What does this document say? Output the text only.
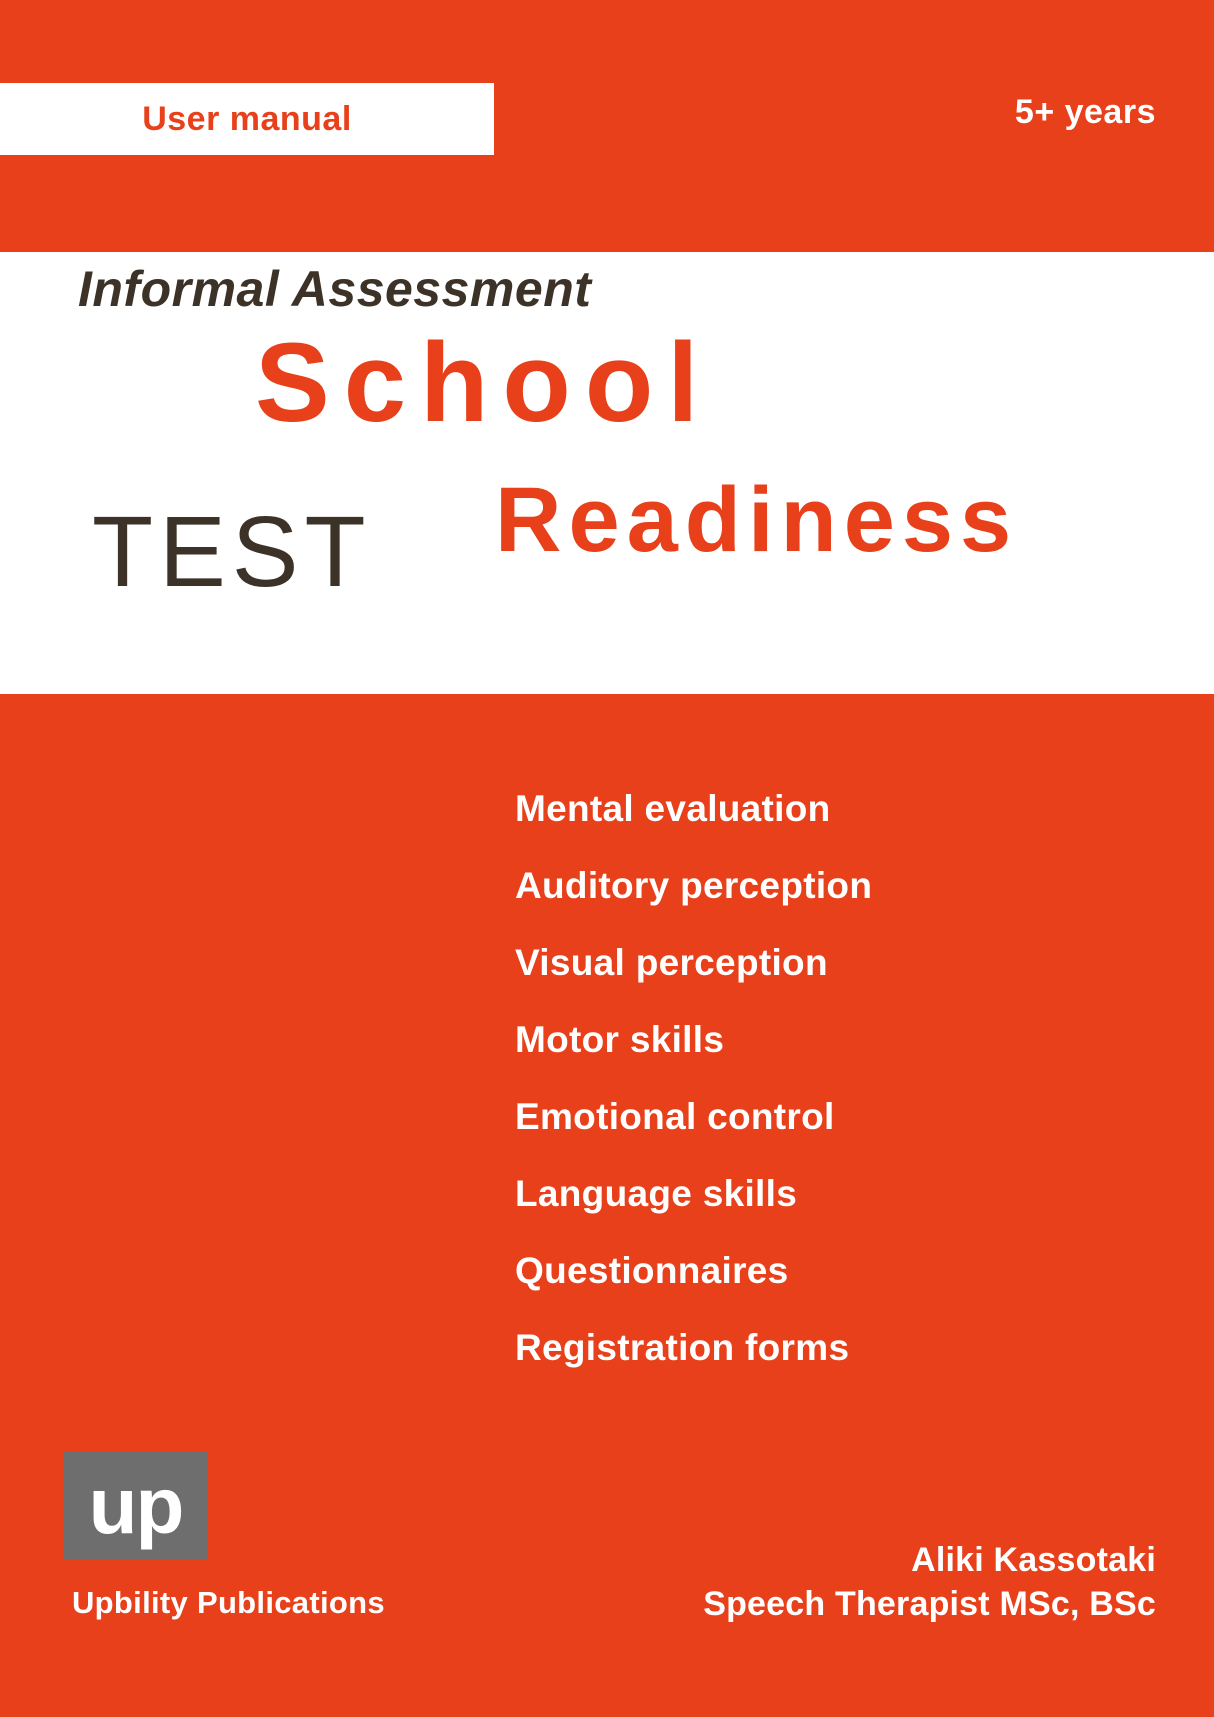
User manual	5+ years
Informal Assessment
School
Readiness
TEST
Mental evaluation
Auditory perception
Visual perception
Motor skills
Emotional control
Language skills
Questionnaires
Registration forms
up
Upbility Publications
Aliki Kassotaki
Speech Therapist MSc, BSc
